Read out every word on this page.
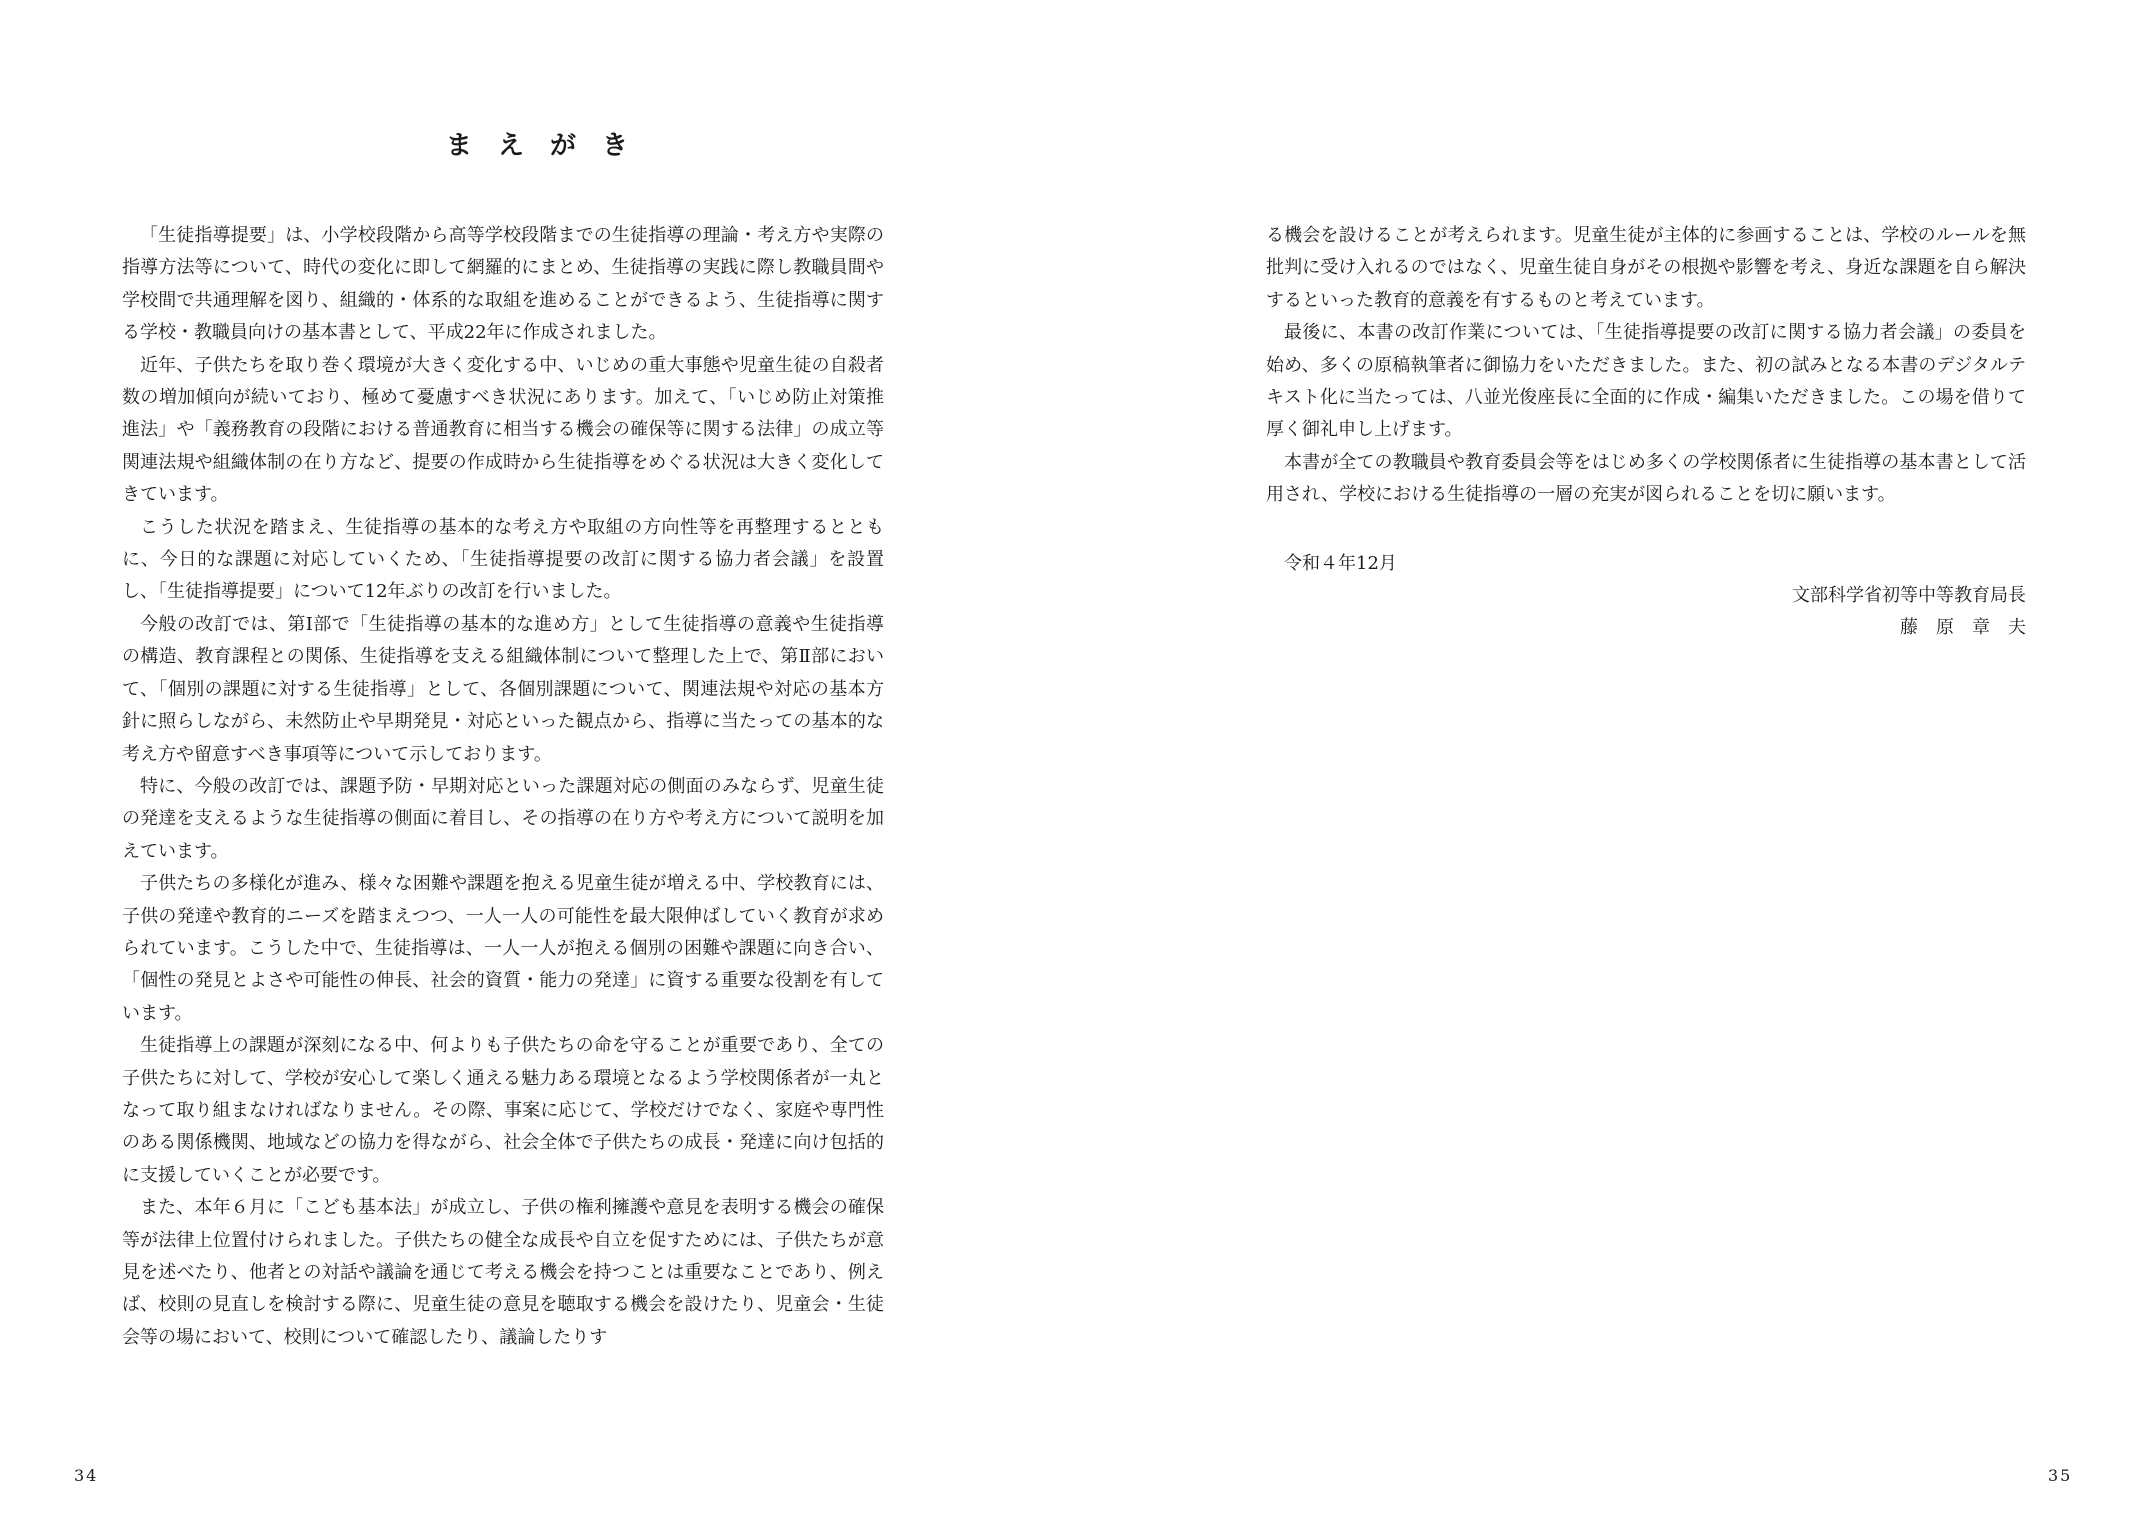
まえがき

「生徒指導提要」は、小学校段階から高等学校段階までの生徒指導の理論・考え方や実際の指導方法等について、時代の変化に即して網羅的にまとめ、生徒指導の実践に際し教職員間や学校間で共通理解を図り、組織的・体系的な取組を進めることができるよう、生徒指導に関する学校・教職員向けの基本書として、平成22年に作成されました。

近年、子供たちを取り巻く環境が大きく変化する中、いじめの重大事態や児童生徒の自殺者数の増加傾向が続いており、極めて憂慮すべき状況にあります。加えて、「いじめ防止対策推進法」や「義務教育の段階における普通教育に相当する機会の確保等に関する法律」の成立等関連法規や組織体制の在り方など、提要の作成時から生徒指導をめぐる状況は大きく変化してきています。

こうした状況を踏まえ、生徒指導の基本的な考え方や取組の方向性等を再整理するとともに、今日的な課題に対応していくため、「生徒指導提要の改訂に関する協力者会議」を設置し、「生徒指導提要」について12年ぶりの改訂を行いました。

今般の改訂では、第Ⅰ部で「生徒指導の基本的な進め方」として生徒指導の意義や生徒指導の構造、教育課程との関係、生徒指導を支える組織体制について整理した上で、第Ⅱ部において、「個別の課題に対する生徒指導」として、各個別課題について、関連法規や対応の基本方針に照らしながら、未然防止や早期発見・対応といった観点から、指導に当たっての基本的な考え方や留意すべき事項等について示しております。

特に、今般の改訂では、課題予防・早期対応といった課題対応の側面のみならず、児童生徒の発達を支えるような生徒指導の側面に着目し、その指導の在り方や考え方について説明を加えています。

子供たちの多様化が進み、様々な困難や課題を抱える児童生徒が増える中、学校教育には、子供の発達や教育的ニーズを踏まえつつ、一人一人の可能性を最大限伸ばしていく教育が求められています。こうした中で、生徒指導は、一人一人が抱える個別の困難や課題に向き合い、「個性の発見とよさや可能性の伸長、社会的資質・能力の発達」に資する重要な役割を有しています。

生徒指導上の課題が深刻になる中、何よりも子供たちの命を守ることが重要であり、全ての子供たちに対して、学校が安心して楽しく通える魅力ある環境となるよう学校関係者が一丸となって取り組まなければなりません。その際、事案に応じて、学校だけでなく、家庭や専門性のある関係機関、地域などの協力を得ながら、社会全体で子供たちの成長・発達に向け包括的に支援していくことが必要です。

また、本年６月に「こども基本法」が成立し、子供の権利擁護や意見を表明する機会の確保等が法律上位置付けられました。子供たちの健全な成長や自立を促すためには、子供たちが意見を述べたり、他者との対話や議論を通じて考える機会を持つことは重要なことであり、例えば、校則の見直しを検討する際に、児童生徒の意見を聴取する機会を設けたり、児童会・生徒会等の場において、校則について確認したり、議論したりす

34

る機会を設けることが考えられます。児童生徒が主体的に参画することは、学校のルールを無批判に受け入れるのではなく、児童生徒自身がその根拠や影響を考え、身近な課題を自ら解決するといった教育的意義を有するものと考えています。

最後に、本書の改訂作業については、「生徒指導提要の改訂に関する協力者会議」の委員を始め、多くの原稿執筆者に御協力をいただきました。また、初の試みとなる本書のデジタルテキスト化に当たっては、八並光俊座長に全面的に作成・編集いただきました。この場を借りて厚く御礼申し上げます。

本書が全ての教職員や教育委員会等をはじめ多くの学校関係者に生徒指導の基本書として活用され、学校における生徒指導の一層の充実が図られることを切に願います。

令和４年12月

文部科学省初等中等教育局長

藤原章夫

35
